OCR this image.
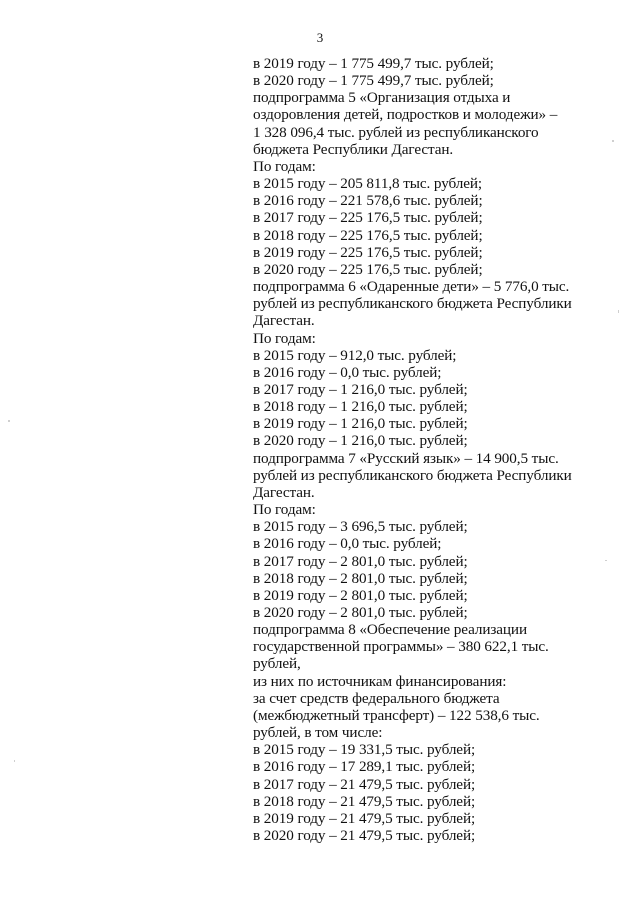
3
в 2019 году – 1 775 499,7 тыс. рублей;
в 2020 году – 1 775 499,7 тыс. рублей;
подпрограмма 5 «Организация отдыха и
оздоровления детей, подростков и молодежи» –
1 328 096,4 тыс. рублей из республиканского
бюджета Республики Дагестан.
По годам:
в 2015 году – 205 811,8 тыс. рублей;
в 2016 году – 221 578,6 тыс. рублей;
в 2017 году – 225 176,5 тыс. рублей;
в 2018 году – 225 176,5 тыс. рублей;
в 2019 году – 225 176,5 тыс. рублей;
в 2020 году – 225 176,5 тыс. рублей;
подпрограмма 6 «Одаренные дети» – 5 776,0 тыс.
рублей из республиканского бюджета Республики
Дагестан.
По годам:
в 2015 году – 912,0 тыс. рублей;
в 2016 году – 0,0 тыс. рублей;
в 2017 году – 1 216,0 тыс. рублей;
в 2018 году – 1 216,0 тыс. рублей;
в 2019 году – 1 216,0 тыс. рублей;
в 2020 году – 1 216,0 тыс. рублей;
подпрограмма 7 «Русский язык» – 14 900,5 тыс.
рублей из республиканского бюджета Республики
Дагестан.
По годам:
в 2015 году – 3 696,5 тыс. рублей;
в 2016 году – 0,0 тыс. рублей;
в 2017 году – 2 801,0 тыс. рублей;
в 2018 году – 2 801,0 тыс. рублей;
в 2019 году – 2 801,0 тыс. рублей;
в 2020 году – 2 801,0 тыс. рублей;
подпрограмма 8 «Обеспечение реализации
государственной программы» – 380 622,1 тыс.
рублей,
из них по источникам финансирования:
за счет средств федерального бюджета
(межбюджетный трансферт) – 122 538,6 тыс.
рублей, в том числе:
в 2015 году – 19 331,5 тыс. рублей;
в 2016 году – 17 289,1 тыс. рублей;
в 2017 году – 21 479,5 тыс. рублей;
в 2018 году – 21 479,5 тыс. рублей;
в 2019 году – 21 479,5 тыс. рублей;
в 2020 году – 21 479,5 тыс. рублей;
